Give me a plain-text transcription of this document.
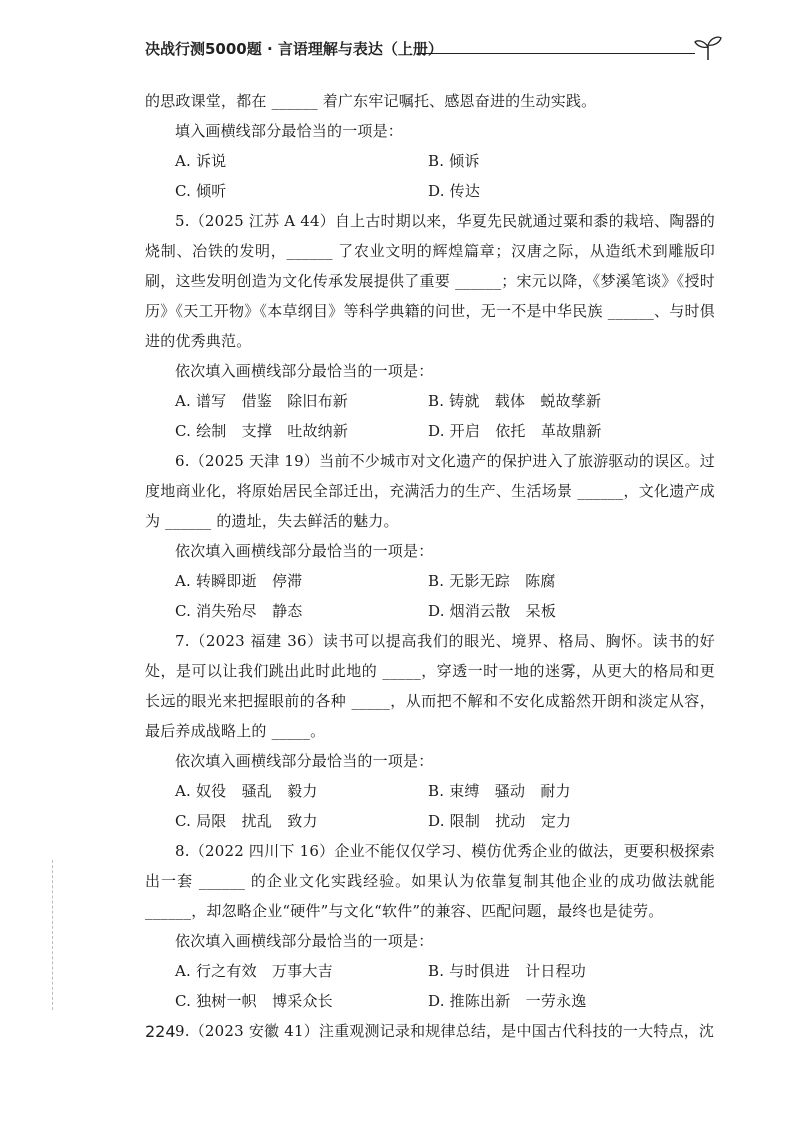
决战行测5000题 · 言语理解与表达（上册）

的思政课堂，都在 ______ 着广东牢记嘱托、感恩奋进的生动实践。

填入画横线部分最恰当的一项是：

A. 诉说	B. 倾诉
C. 倾听	D. 传达

5.（2025 江苏 A 44）自上古时期以来，华夏先民就通过粟和黍的栽培、陶器的烧制、冶铁的发明，______ 了农业文明的辉煌篇章；汉唐之际，从造纸术到雕版印刷，这些发明创造为文化传承发展提供了重要 ______；宋元以降，《梦溪笔谈》《授时历》《天工开物》《本草纲目》等科学典籍的问世，无一不是中华民族 ______、与时俱进的优秀典范。

依次填入画横线部分最恰当的一项是：

A. 谱写　借鉴　除旧布新	B. 铸就　载体　蜕故孳新
C. 绘制　支撑　吐故纳新	D. 开启　依托　革故鼎新

6.（2025 天津 19）当前不少城市对文化遗产的保护进入了旅游驱动的误区。过度地商业化，将原始居民全部迁出，充满活力的生产、生活场景 ______，文化遗产成为 ______ 的遗址，失去鲜活的魅力。

依次填入画横线部分最恰当的一项是：

A. 转瞬即逝　停滞	B. 无影无踪　陈腐
C. 消失殆尽　静态	D. 烟消云散　呆板

7.（2023 福建 36）读书可以提高我们的眼光、境界、格局、胸怀。读书的好处，是可以让我们跳出此时此地的 _____，穿透一时一地的迷雾，从更大的格局和更长远的眼光来把握眼前的各种 _____，从而把不解和不安化成豁然开朗和淡定从容，最后养成战略上的 _____。

依次填入画横线部分最恰当的一项是：

A. 奴役　骚乱　毅力	B. 束缚　骚动　耐力
C. 局限　扰乱　致力	D. 限制　扰动　定力

8.（2022 四川下 16）企业不能仅仅学习、模仿优秀企业的做法，更要积极探索出一套 ______ 的企业文化实践经验。如果认为依靠复制其他企业的成功做法就能 ______，却忽略企业“硬件”与文化“软件”的兼容、匹配问题，最终也是徒劳。

依次填入画横线部分最恰当的一项是：

A. 行之有效　万事大吉	B. 与时俱进　计日程功
C. 独树一帜　博采众长	D. 推陈出新　一劳永逸

9.（2023 安徽 41）注重观测记录和规律总结，是中国古代科技的一大特点，沈

224
